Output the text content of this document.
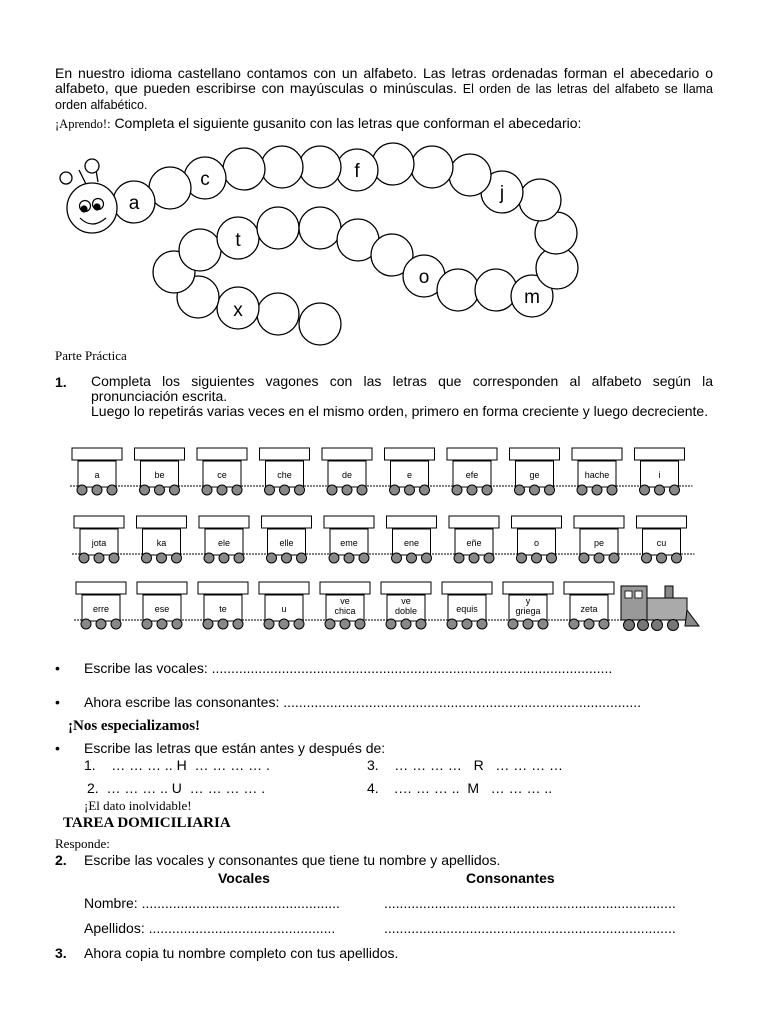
En nuestro idioma castellano contamos con un alfabeto. Las letras ordenadas forman el abecedario o alfabeto, que pueden escribirse con mayúsculas o minúsculas. El orden de las letras del alfabeto se llama orden alfabético.

¡Aprendo!: Completa el siguiente gusanito con las letras que conforman el abecedario:
a
c	f
j
t
o
m
x
Parte Práctica
1. Completa los siguientes vagones con las letras que corresponden al alfabeto según la pronunciación escrita.
Luego lo repetirás varias veces en el mismo orden, primero en forma creciente y luego decreciente.
a	be	ce	che	de	e	efe	ge	hache	i
jota	ka	ele	elle	eme	ene	eñe	o	pe	cu
erre	ese	te	u
ve
chica
ve
doble	equis
y
griega	zeta
• Escribe las vocales: .......................................................................................................
• Ahora escribe las consonantes: ............................................................................................
¡Nos especializamos!
• Escribe las letras que están antes y después de:
1.    … … … .. H  … … … … .	3.    … … … …   R   … … … …
2.  … … … .. U  … … … … .	4.    .… … … ..  M   … … … ..
¡El dato inolvidable!
TAREA DOMICILIARIA
Responde:
2. Escribe las vocales y consonantes que tiene tu nombre y apellidos.
Vocales	Consonantes
Nombre: ...................................................	...........................................................................
Apellidos: ................................................	...........................................................................
3. Ahora copia tu nombre completo con tus apellidos.
